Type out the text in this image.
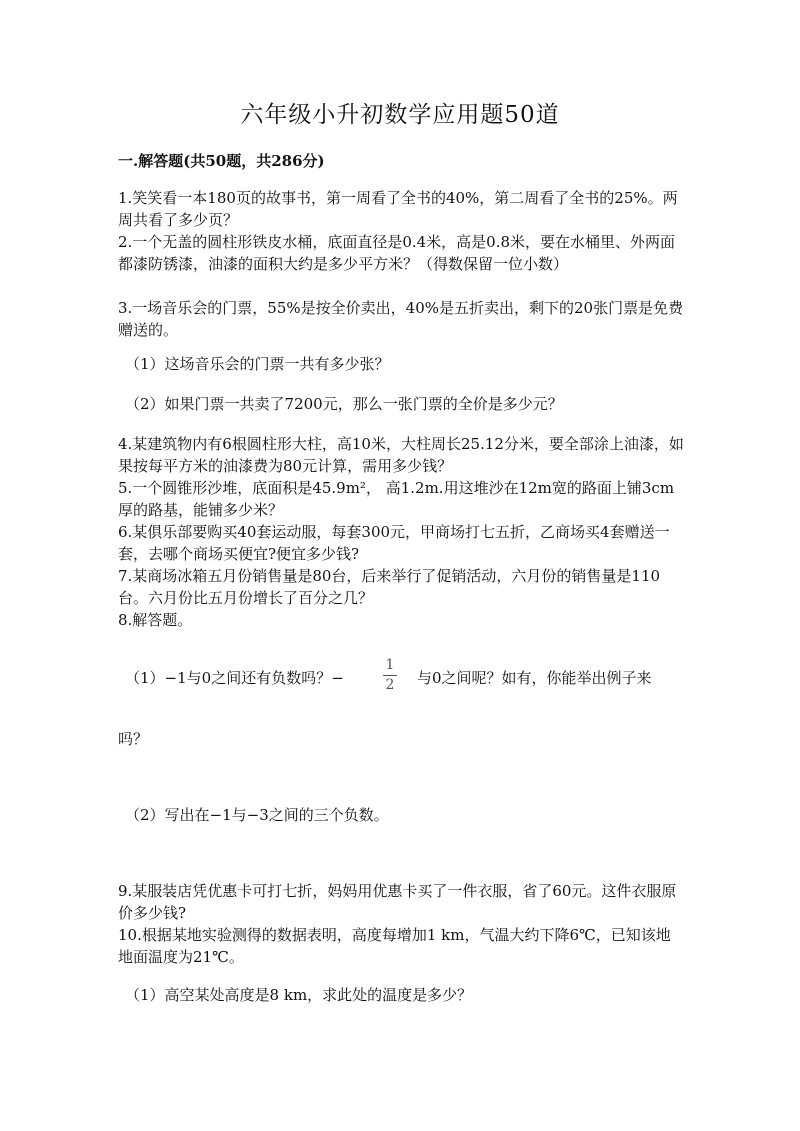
六年级小升初数学应用题50道
一.解答题(共50题，共286分)
1.笑笑看一本180页的故事书，第一周看了全书的40%，第二周看了全书的25%。两周共看了多少页？
2.一个无盖的圆柱形铁皮水桶，底面直径是0.4米，高是0.8米，要在水桶里、外两面都漆防锈漆，油漆的面积大约是多少平方米？（得数保留一位小数）
3.一场音乐会的门票，55%是按全价卖出，40%是五折卖出，剩下的20张门票是免费赠送的。
（1）这场音乐会的门票一共有多少张？
（2）如果门票一共卖了7200元，那么一张门票的全价是多少元？
4.某建筑物内有6根圆柱形大柱，高10米，大柱周长25.12分米，要全部涂上油漆，如果按每平方米的油漆费为80元计算，需用多少钱？
5.一个圆锥形沙堆，底面积是45.9m²， 高1.2m.用这堆沙在12m宽的路面上铺3cm厚的路基，能铺多少米？
6.某俱乐部要购买40套运动服，每套300元，甲商场打七五折，乙商场买4套赠送一套，去哪个商场买便宜?便宜多少钱?
7.某商场冰箱五月份销售量是80台，后来举行了促销活动，六月份的销售量是110台。六月份比五月份增长了百分之几？
8.解答题。
（1）−1与0之间还有负数吗？−
1
2 与0之间呢？如有，你能举出例子来
吗？
（2）写出在−1与−3之间的三个负数。
9.某服装店凭优惠卡可打七折，妈妈用优惠卡买了一件衣服，省了60元。这件衣服原价多少钱?
10.根据某地实验测得的数据表明，高度每增加1 km，气温大约下降6℃，已知该地地面温度为21℃。
（1）高空某处高度是8 km，求此处的温度是多少？
